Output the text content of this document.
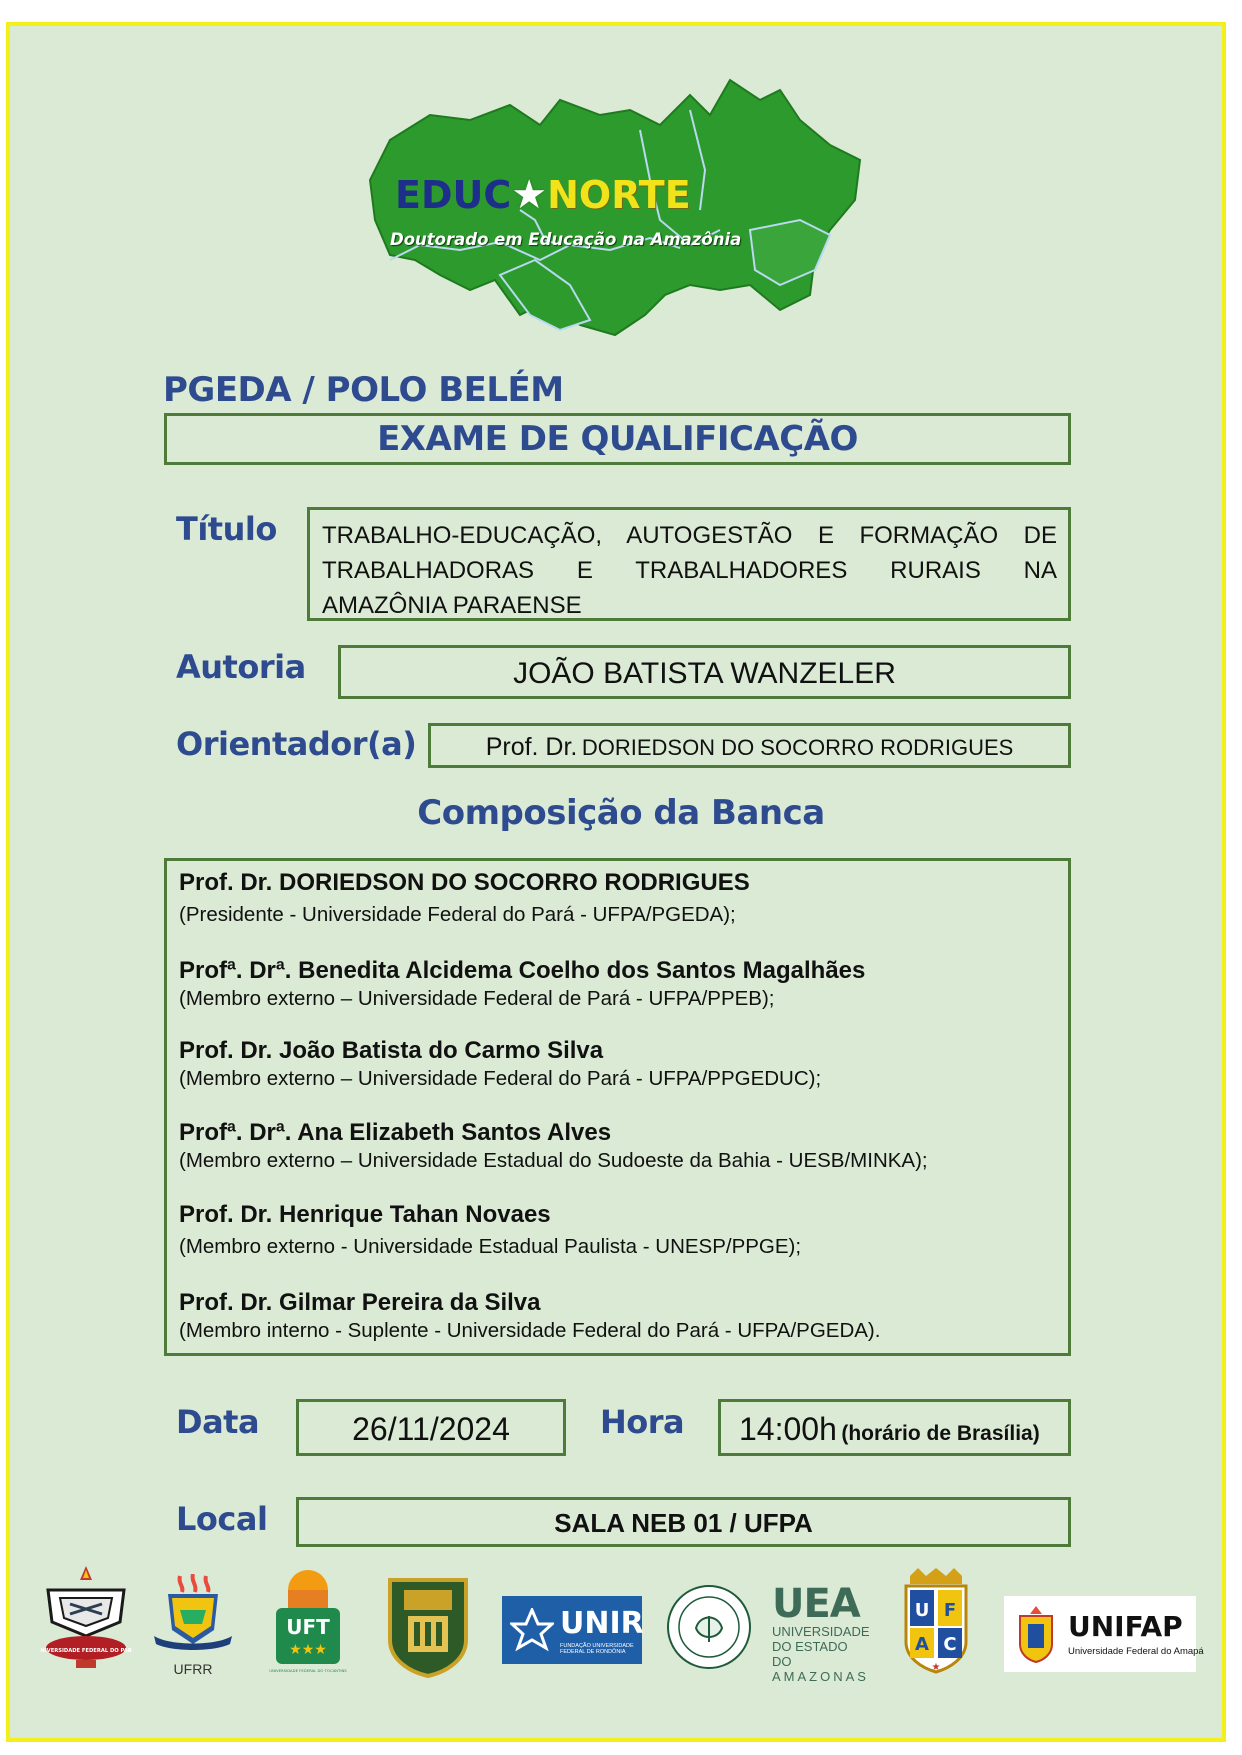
EDUC★NORTE
Doutorado em Educação na Amazônia
PGEDA / POLO BELÉM
EXAME DE QUALIFICAÇÃO
Título TRABALHO-EDUCAÇÃO, AUTOGESTÃO E FORMAÇÃO DE
TRABALHADORAS E TRABALHADORES RURAIS NA
AMAZÔNIA PARAENSE
Autoria	JOÃO BATISTA WANZELER
Orientador(a)	Prof. Dr. DORIEDSON DO SOCORRO RODRIGUES
Composição da Banca
Prof. Dr. DORIEDSON DO SOCORRO RODRIGUES
(Presidente - Universidade Federal do Pará - UFPA/PGEDA);
Profª. Drª. Benedita Alcidema Coelho dos Santos Magalhães
(Membro externo – Universidade Federal de Pará - UFPA/PPEB);
Prof. Dr. João Batista do Carmo Silva
(Membro externo – Universidade Federal do Pará - UFPA/PPGEDUC);
Profª. Drª. Ana Elizabeth Santos Alves
(Membro externo – Universidade Estadual do Sudoeste da Bahia - UESB/MINKA);
Prof. Dr. Henrique Tahan Novaes
(Membro externo - Universidade Estadual Paulista - UNESP/PPGE);
Prof. Dr. Gilmar Pereira da Silva
(Membro interno - Suplente - Universidade Federal do Pará - UFPA/PGEDA).
Data	26/11/2024	Hora	14:00h (horário de Brasília)
Local	SALA NEB 01 / UFPA
UNIVERSIDADE FEDERAL DO PARÁ
UFRR
UFT
★★★
UNIVERSIDADE FEDERAL DO TOCANTINS
UNIR
FUNDAÇÃO UNIVERSIDADE FEDERAL DE RONDÔNIA
UEA
UNIVERSIDADE
DO ESTADO DO
AMAZONAS
U F
A C
★
UNIFAP
Universidade Federal do Amapá
